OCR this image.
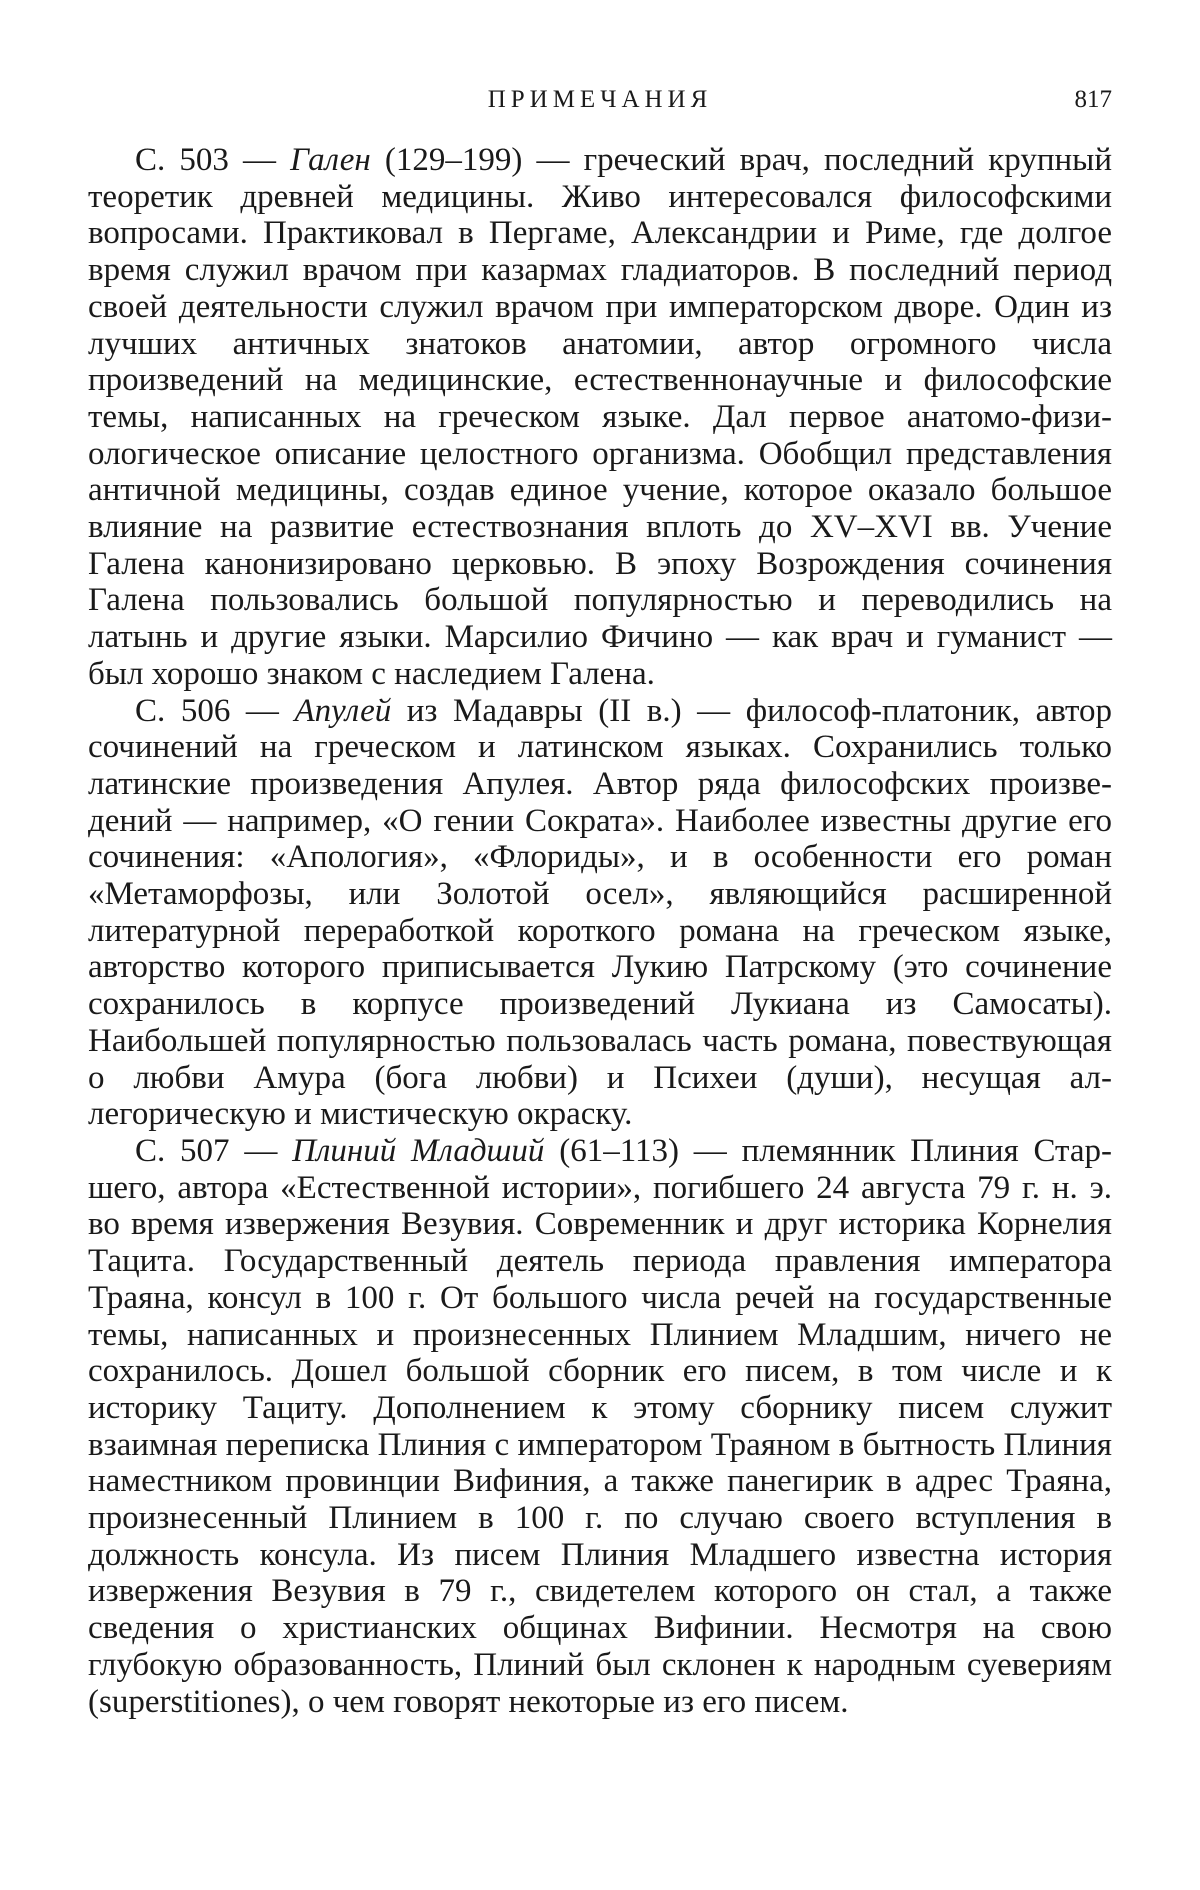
ПРИМЕЧАНИЯ	817

С. 503 — Гален (129–199) — греческий врач, последний крупный теоретик древней медицины. Живо интересовался философскими вопросами. Практиковал в Пергаме, Александрии и Риме, где долгое время служил врачом при казармах гладиаторов. В последний период своей деятельности служил врачом при императорском дворе. Один из лучших античных знатоков анатомии, автор огромного числа произведений на медицинские, естественнонаучные и философские темы, написанных на греческом языке. Дал первое анатомо-физиологическое описание целостного организма. Обобщил представления античной медицины, создав единое учение, которое оказало большое влияние на развитие естествознания вплоть до XV–XVI вв. Учение Галена канонизировано церковью. В эпоху Возрождения сочинения Галена пользовались большой популярностью и переводились на латынь и другие языки. Марсилио Фичино — как врач и гуманист — был хорошо знаком с наследием Галена.

С. 506 — Апулей из Мадавры (II в.) — философ-платоник, автор сочинений на греческом и латинском языках. Сохранились только латинские произведения Апулея. Автор ряда философских произведений — например, «О гении Сократа». Наиболее известны другие его сочинения: «Апология», «Флориды», и в особенности его роман «Метаморфозы, или Золотой осел», являющийся расширенной литературной переработкой короткого романа на греческом языке, авторство которого приписывается Лукию Патрскому (это сочинение сохранилось в корпусе произведений Лукиана из Самосаты). Наибольшей популярностью пользовалась часть романа, повествующая о любви Амура (бога любви) и Психеи (души), несущая аллегорическую и мистическую окраску.

С. 507 — Плиний Младший (61–113) — племянник Плиния Старшего, автора «Естественной истории», погибшего 24 августа 79 г. н. э. во время извержения Везувия. Современник и друг историка Корнелия Тацита. Государственный деятель периода правления императора Траяна, консул в 100 г. От большого числа речей на государственные темы, написанных и произнесенных Плинием Младшим, ничего не сохранилось. Дошел большой сборник его писем, в том числе и к историку Тациту. Дополнением к этому сборнику писем служит взаимная переписка Плиния с императором Траяном в бытность Плиния наместником провинции Вифиния, а также панегирик в адрес Траяна, произнесенный Плинием в 100 г. по случаю своего вступления в должность консула. Из писем Плиния Младшего известна история извержения Везувия в 79 г., свидетелем которого он стал, а также сведения о христианских общинах Вифинии. Несмотря на свою глубокую образованность, Плиний был склонен к народным суевериям (superstitiones), о чем говорят некоторые из его писем.
